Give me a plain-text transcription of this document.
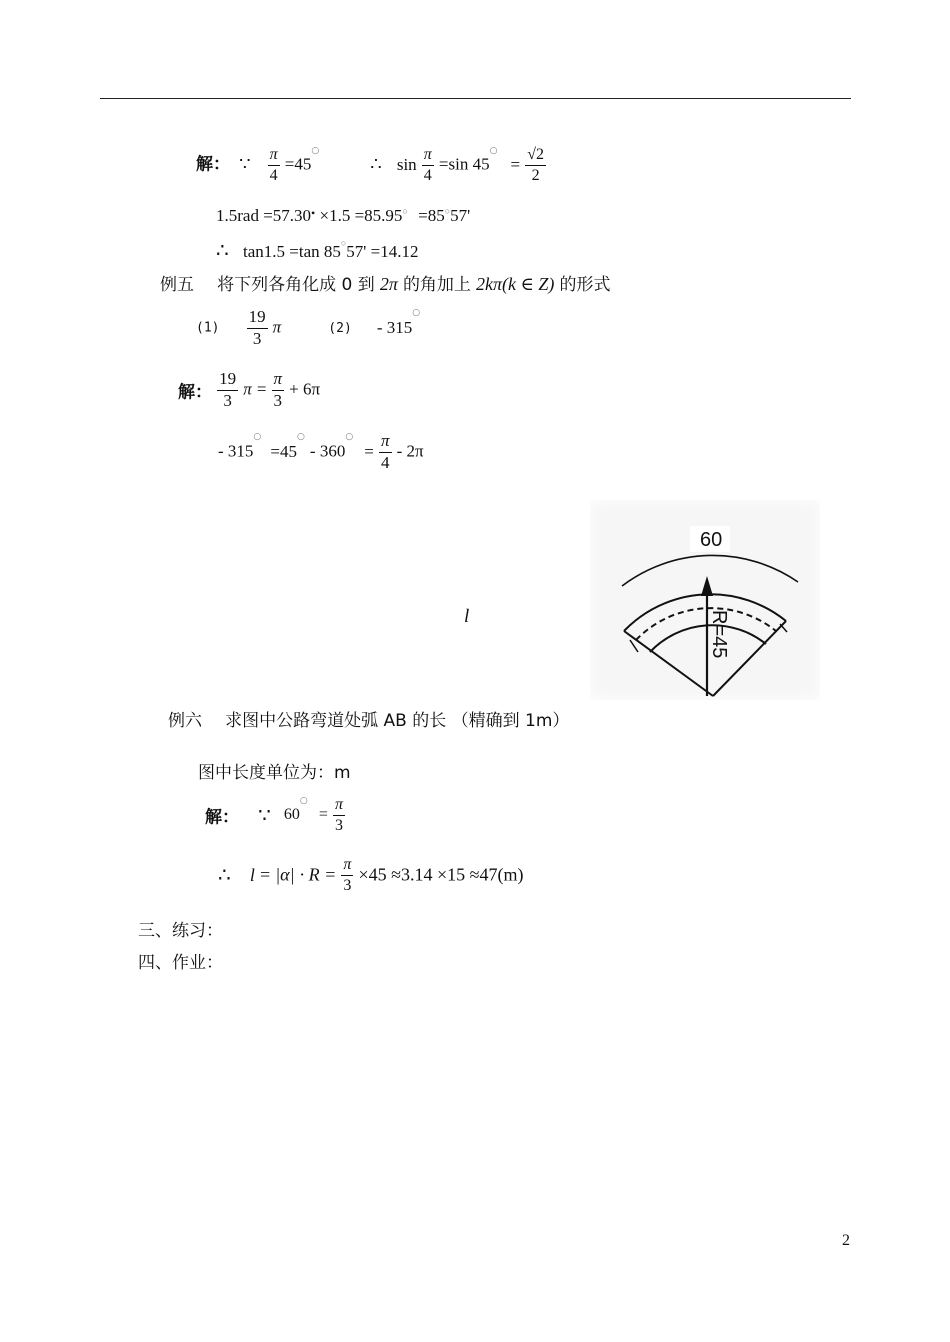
解： ∵ $\frac{\pi}{4} =45^○$ ∴ $\sin \frac{\pi}{4} =\sin$ $45^○ = \frac{√2}{2}$
1.5rad =57.30• ×1.5 =85.95○ =85○57'
∴ tan1.5 =tan 85○57' =14.12
例五 将下列各角化成 0 到 2π 的角加上 2kπ(k ∈ Z) 的形式
$(1) \frac{19}{3}$ π	(2) - 315○
解： $\frac{19}{3}$ $\pi = \frac{\pi}{3} + 6\pi$
- $315^○ =45^○ - 360^○ = \frac{\pi}{4} - 2\pi$
l	R=45
60
例六 求图中公路弯道处弧 AB 的长 （精确到 1m）
图中长度单位为：m
解： ∵ $60^○ = \frac{\pi}{3}$
∴ $l = |\alpha| \cdot R = \frac{\pi}{3} \times 45 \approx 3.14 \times 15 \approx 47(m)$
三、练习：
四、作业：
2
